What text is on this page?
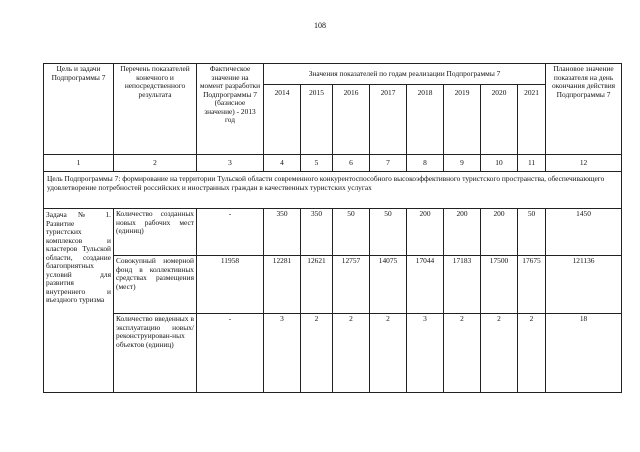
108
Цель и задачи Подпрограммы 7	Перечень показателей конечного и непосредственного результата	Фактическое значение на момент разработки Подпрограммы 7 (базисное значение) - 2013 год	Значения показателей по годам реализации Подпрограммы 7								Плановое значение показателя на день окончания действия Подпрограммы 7
			2014	2015	2016	2017	2018	2019	2020	2021	
1	2	3	4	5	6	7	8	9	10	11	12
Цель Подпрограммы 7: формирование на территории Тульской области современного конкурентоспособного высокоэффективного туристского пространства, обеспечивающего удовлетворение потребностей российских и иностранных граждан в качественных туристских услугах											
Задача № 1. Развитие туристских комплексов и кластеров Тульской области, создание благоприятных условий для развития внутреннего и въездного туризма	Количество созданных новых рабочих мест (единиц)	-	350	350	50	50	200	200	200	50	1450
	Совокупный номерной фонд в коллективных средствах размещения (мест)	11958	12281	12621	12757	14075	17044	17183	17500	17675	121136
	Количество введенных в эксплуатацию новых/ реконструирован-ных объектов (единиц)	-	3	2	2	2	3	2	2	2	18
